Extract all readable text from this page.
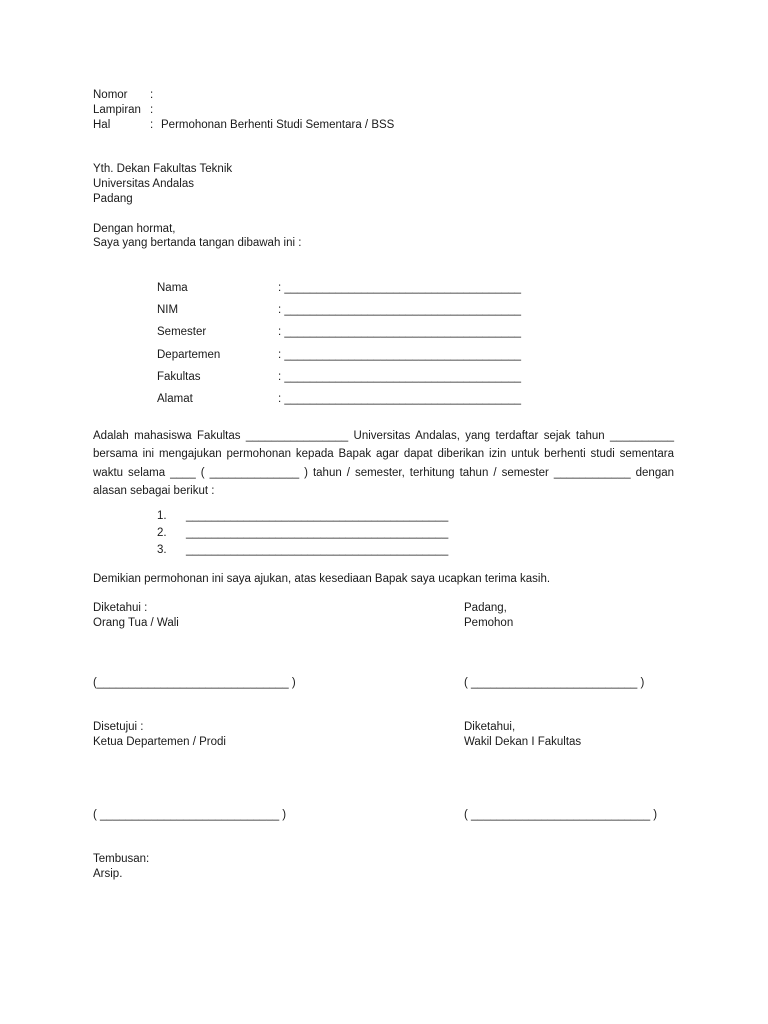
Nomor :
Lampiran :
Hal	: Permohonan Berhenti Studi Sementara / BSS
Yth. Dekan Fakultas Teknik
Universitas Andalas
Padang
Dengan hormat,
Saya yang bertanda tangan dibawah ini :
Nama	: _____________________________________
NIM	: _____________________________________
Semester	: _____________________________________
Departemen	: _____________________________________
Fakultas	: _____________________________________
Alamat	: _____________________________________
Adalah mahasiswa Fakultas ________________ Universitas Andalas, yang terdaftar sejak tahun __________
bersama ini mengajukan permohonan kepada Bapak agar dapat diberikan izin untuk berhenti studi sementara
waktu selama ____ ( ______________ ) tahun / semester, terhitung tahun / semester ____________ dengan
alasan sebagai berikut :
1. _________________________________________
2. _________________________________________
3. _________________________________________
Demikian permohonan ini saya ajukan, atas kesediaan Bapak saya ucapkan terima kasih.
Diketahui :
Orang Tua / Wali
(______________________________ )
Padang,
Pemohon
( __________________________ )
Disetujui :
Ketua Departemen / Prodi
( ____________________________ )
Diketahui,
Wakil Dekan I Fakultas
( ____________________________ )
Tembusan:
Arsip.
